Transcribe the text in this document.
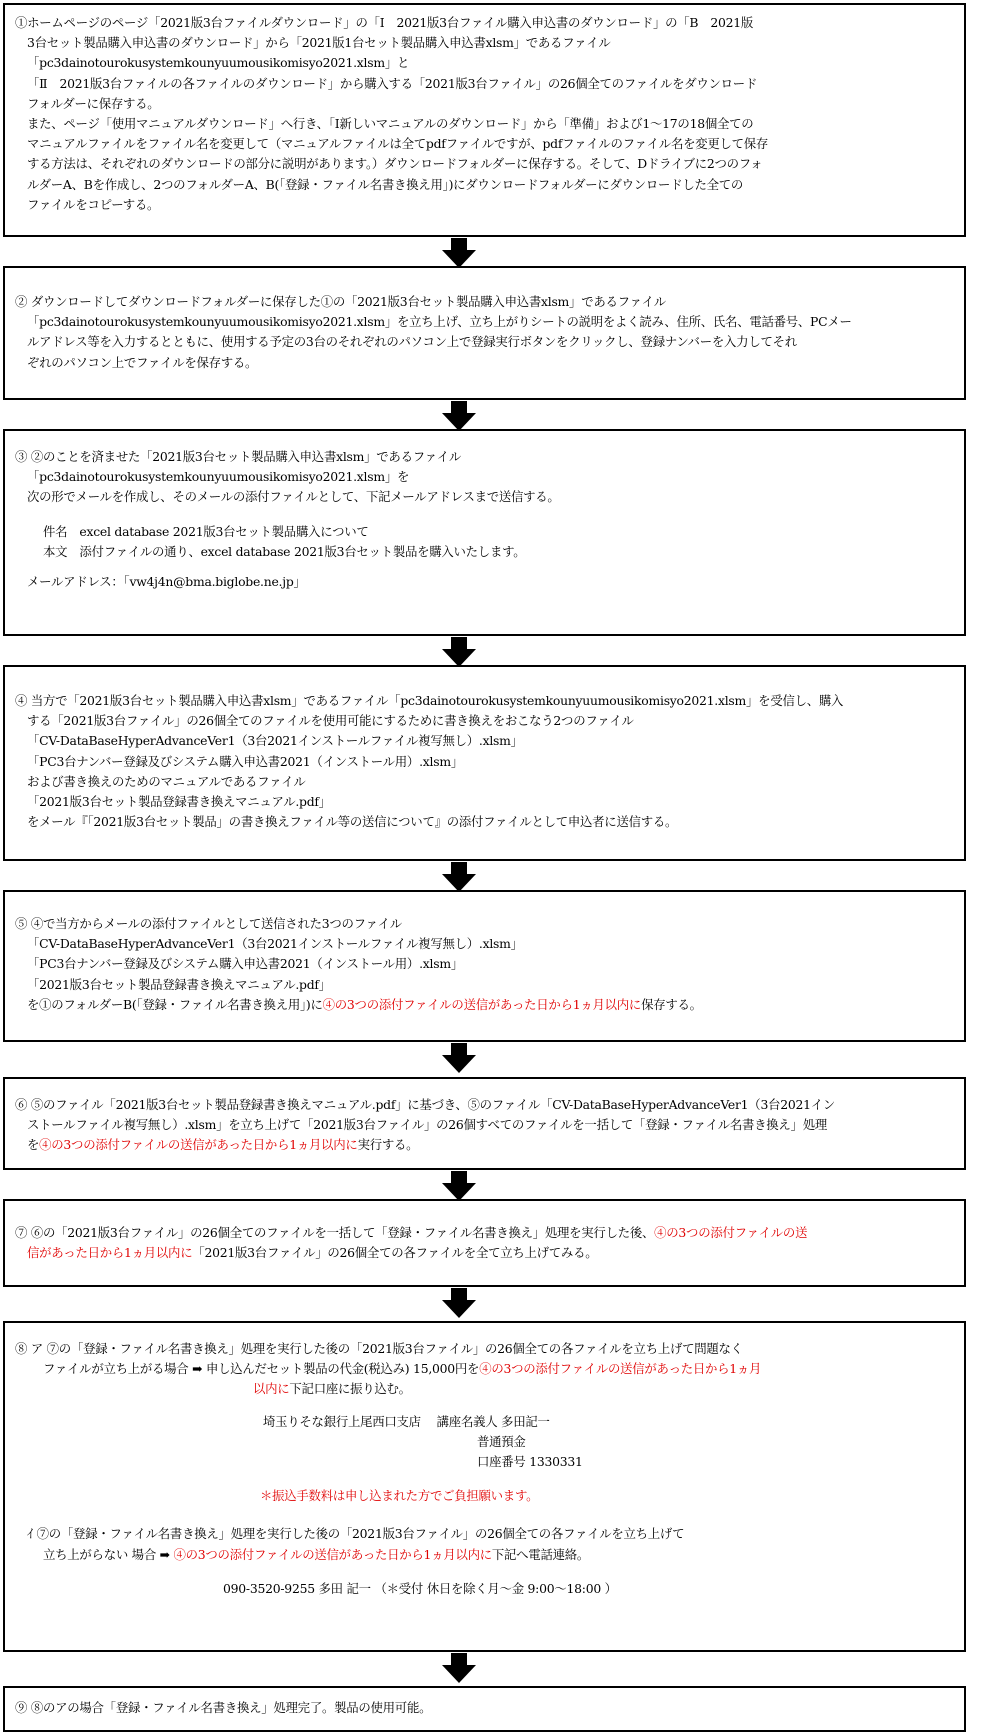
①ホームページのページ「2021版3台ファイルダウンロード」の「Ⅰ　2021版3台ファイル購入申込書のダウンロード」の「B　2021版

3台セット製品購入申込書のダウンロード」から「2021版1台セット製品購入申込書xlsm」であるファイル

「pc3dainotourokusystemkounyuumousikomisyo2021.xlsm」と

「Ⅱ　2021版3台ファイルの各ファイルのダウンロード」から購入する「2021版3台ファイル」の26個全てのファイルをダウンロード

フォルダーに保存する。

また、ページ「使用マニュアルダウンロード」へ行き、「Ⅰ新しいマニュアルのダウンロード」から「準備」および1～17の18個全ての

マニュアルファイルをファイル名を変更して（マニュアルファイルは全てpdfファイルですが、pdfファイルのファイル名を変更して保存

する方法は、それぞれのダウンロードの部分に説明があります。）ダウンロードフォルダーに保存する。そして、Dドライブに2つのフォ

ルダーA、Bを作成し、2つのフォルダーA、B(「登録・ファイル名書き換え用」)にダウンロードフォルダーにダウンロードした全ての

ファイルをコピーする。

② ダウンロードしてダウンロードフォルダーに保存した①の「2021版3台セット製品購入申込書xlsm」であるファイル

「pc3dainotourokusystemkounyuumousikomisyo2021.xlsm」を立ち上げ、立ち上がりシートの説明をよく読み、住所、氏名、電話番号、PCメー

ルアドレス等を入力するとともに、使用する予定の3台のそれぞれのパソコン上で登録実行ボタンをクリックし、登録ナンバーを入力してそれ

ぞれのパソコン上でファイルを保存する。

③ ②のことを済ませた「2021版3台セット製品購入申込書xlsm」であるファイル

「pc3dainotourokusystemkounyuumousikomisyo2021.xlsm」を

次の形でメールを作成し、そのメールの添付ファイルとして、下記メールアドレスまで送信する。

件名　excel database 2021版3台セット製品購入について

本文　添付ファイルの通り、excel database 2021版3台セット製品を購入いたします。

メールアドレス：「vw4j4n@bma.biglobe.ne.jp」

④ 当方で「2021版3台セット製品購入申込書xlsm」であるファイル「pc3dainotourokusystemkounyuumousikomisyo2021.xlsm」を受信し、購入

する「2021版3台ファイル」の26個全てのファイルを使用可能にするために書き換えをおこなう2つのファイル

「CV-DataBaseHyperAdvanceVer1（3台2021インストールファイル複写無し）.xlsm」

「PC3台ナンバー登録及びシステム購入申込書2021（インストール用）.xlsm」

および書き換えのためのマニュアルであるファイル

「2021版3台セット製品登録書き換えマニュアル.pdf」

をメール『「2021版3台セット製品」の書き換えファイル等の送信について』の添付ファイルとして申込者に送信する。

⑤ ④で当方からメールの添付ファイルとして送信された3つのファイル

「CV-DataBaseHyperAdvanceVer1（3台2021インストールファイル複写無し）.xlsm」

「PC3台ナンバー登録及びシステム購入申込書2021（インストール用）.xlsm」

「2021版3台セット製品登録書き換えマニュアル.pdf」

を①のフォルダーB(「登録・ファイル名書き換え用」)に④の3つの添付ファイルの送信があった日から1ヵ月以内に保存する。

⑥ ⑤のファイル「2021版3台セット製品登録書き換えマニュアル.pdf」に基づき、⑤のファイル「CV-DataBaseHyperAdvanceVer1（3台2021イン

ストールファイル複写無し）.xlsm」を立ち上げて「2021版3台ファイル」の26個すべてのファイルを一括して「登録・ファイル名書き換え」処理

を④の3つの添付ファイルの送信があった日から1ヵ月以内に実行する。

⑦ ⑥の「2021版3台ファイル」の26個全てのファイルを一括して「登録・ファイル名書き換え」処理を実行した後、④の3つの添付ファイルの送

信があった日から1ヵ月以内に「2021版3台ファイル」の26個全ての各ファイルを全て立ち上げてみる。

⑧ ア ⑦の「登録・ファイル名書き換え」処理を実行した後の「2021版3台ファイル」の26個全ての各ファイルを立ち上げて問題なく

ファイルが立ち上がる場合 ➡ 申し込んだセット製品の代金(税込み) 15,000円を④の3つの添付ファイルの送信があった日から1ヵ月

以内に下記口座に振り込む。

埼玉りそな銀行上尾西口支店　 講座名義人 多田記一

普通預金

口座番号 1330331

＊振込手数料は申し込まれた方でご負担願います。

ｲ ⑦の「登録・ファイル名書き換え」処理を実行した後の「2021版3台ファイル」の26個全ての各ファイルを立ち上げて

立ち上がらない 場合 ➡ ④の3つの添付ファイルの送信があった日から1ヵ月以内に下記へ電話連絡。

090-3520-9255 多田 記一 （＊受付 休日を除く月～金 9:00～18:00 ）

⑨ ⑧のアの場合「登録・ファイル名書き換え」処理完了。製品の使用可能。
